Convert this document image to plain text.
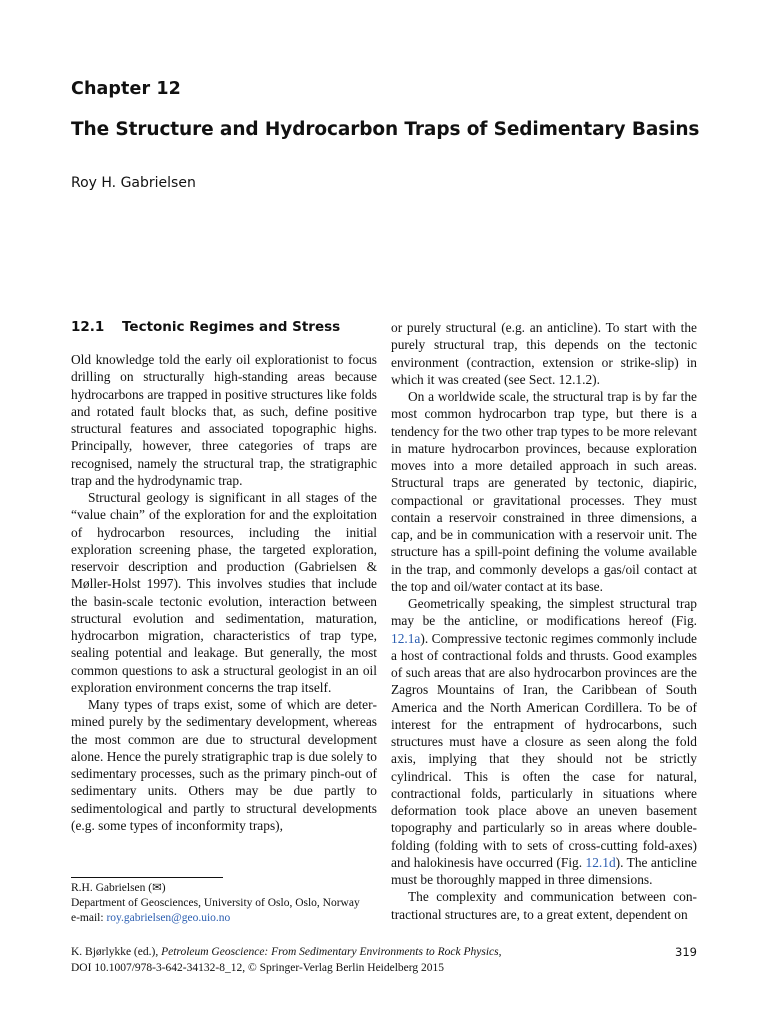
Chapter 12
The Structure and Hydrocarbon Traps of Sedimentary Basins
Roy H. Gabrielsen
12.1 Tectonic Regimes and Stress

Old knowledge told the early oil explorationist to focus drilling on structurally high-standing areas because hydrocarbons are trapped in positive structures like folds and rotated fault blocks that, as such, define positive structural features and associated topographic highs. Principally, however, three categories of traps are recognised, namely the structural trap, the stratigraphic trap and the hydrodynamic trap.

Structural geology is significant in all stages of the “value chain” of the exploration for and the exploitation of hydrocarbon resources, including the initial exploration screening phase, the targeted exploration, reservoir description and production (Gabrielsen & Møller-Holst 1997). This involves studies that include the basin-scale tectonic evolution, interaction between structural evolution and sedimentation, maturation, hydrocarbon migration, characteristics of trap type, sealing potential and leakage. But generally, the most common questions to ask a structural geologist in an oil exploration environment concerns the trap itself.

Many types of traps exist, some of which are determined purely by the sedimentary development, whereas the most common are due to structural development alone. Hence the purely stratigraphic trap is due solely to sedimentary processes, such as the primary pinch-out of sedimentary units. Others may be due partly to sedimentological and partly to structural developments (e.g. some types of inconformity traps),

or purely structural (e.g. an anticline). To start with the purely structural trap, this depends on the tectonic environment (contraction, extension or strike-slip) in which it was created (see Sect. 12.1.2).

On a worldwide scale, the structural trap is by far the most common hydrocarbon trap type, but there is a tendency for the two other trap types to be more relevant in mature hydrocarbon provinces, because exploration moves into a more detailed approach in such areas. Structural traps are generated by tectonic, diapiric, compactional or gravitational processes. They must contain a reservoir constrained in three dimensions, a cap, and be in communication with a reservoir unit. The structure has a spill-point defining the volume available in the trap, and commonly develops a gas/oil contact at the top and oil/water contact at its base.

Geometrically speaking, the simplest structural trap may be the anticline, or modifications hereof (Fig. 12.1a). Compressive tectonic regimes commonly include a host of contractional folds and thrusts. Good examples of such areas that are also hydrocarbon provinces are the Zagros Mountains of Iran, the Caribbean of South America and the North American Cordillera. To be of interest for the entrapment of hydrocarbons, such structures must have a closure as seen along the fold axis, implying that they should not be strictly cylindrical. This is often the case for natural, contractional folds, particularly in situations where deformation took place above an uneven basement topography and particularly so in areas where double-folding (folding with to sets of cross-cutting fold-axes) and halokinesis have occurred (Fig. 12.1d). The anticline must be thoroughly mapped in three dimensions.

The complexity and communication between contractional structures are, to a great extent, dependent on

R.H. Gabrielsen (✉)
Department of Geosciences, University of Oslo, Oslo, Norway
e-mail: roy.gabrielsen@geo.uio.no
K. Bjørlykke (ed.), Petroleum Geoscience: From Sedimentary Environments to Rock Physics,
DOI 10.1007/978-3-642-34132-8_12, © Springer-Verlag Berlin Heidelberg 2015
319
